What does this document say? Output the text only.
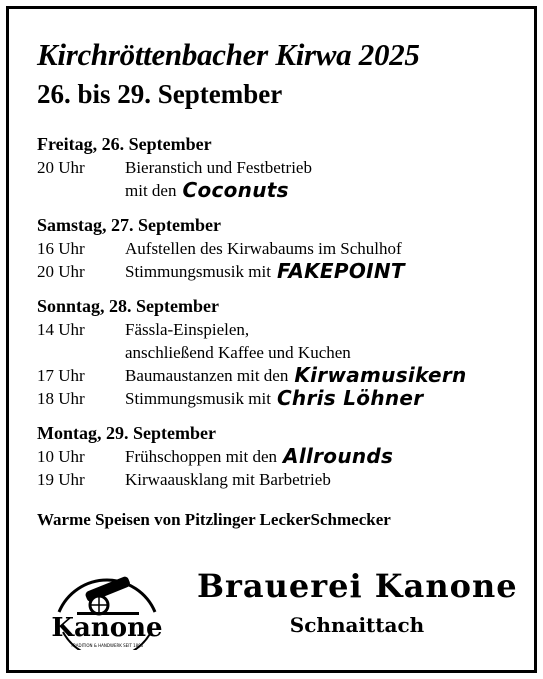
Kirchröttenbacher Kirwa 2025
26. bis 29. September
Freitag, 26. September
20 Uhr	Bieranstich und Festbetrieb
mit den Coconuts
Samstag, 27. September
16 Uhr	Aufstellen des Kirwabaums im Schulhof
20 Uhr	Stimmungsmusik mit FAKEPOINT
Sonntag, 28. September
14 Uhr	Fässla-Einspielen,
anschließend Kaffee und Kuchen
17 Uhr	Baumaustanzen mit den Kirwamusikern
18 Uhr	Stimmungsmusik mit Chris Löhner
Montag, 29. September
10 Uhr	Frühschoppen mit den Allrounds
19 Uhr	Kirwaausklang mit Barbetrieb
Warme Speisen von Pitzlinger LeckerSchmecker
Kanone
TRADITION & HANDWERK SEIT 1896
Brauerei Kanone
Schnaittach
